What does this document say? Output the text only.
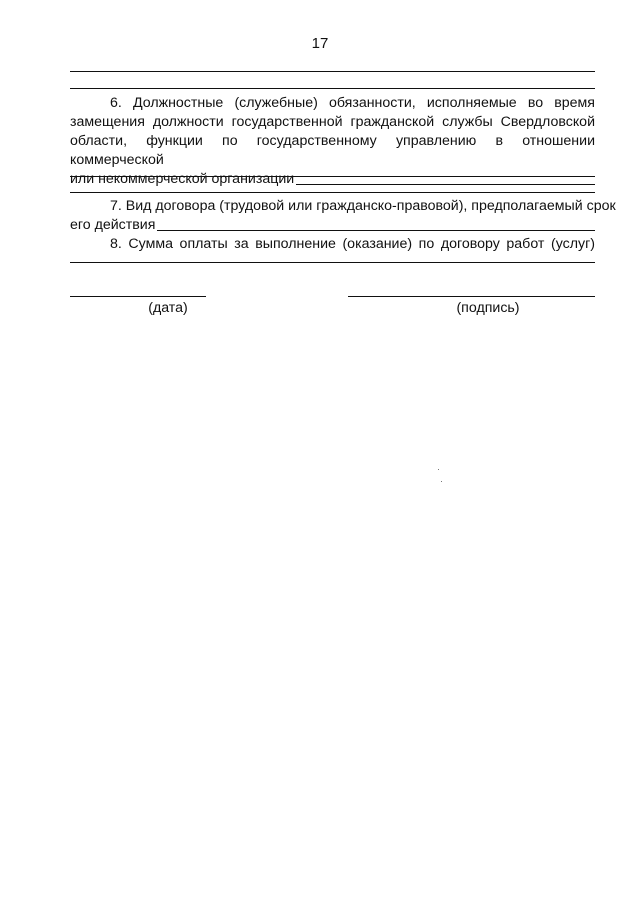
17
6. Должностные (служебные) обязанности, исполняемые во время
замещения должности государственной гражданской службы Свердловской
области, функции по государственному управлению в отношении коммерческой
или некоммерческой организации
7. Вид договора (трудовой или гражданско-правовой), предполагаемый срок
его действия
8. Сумма оплаты за выполнение (оказание) по договору работ (услуг)
(дата)	(подпись)
